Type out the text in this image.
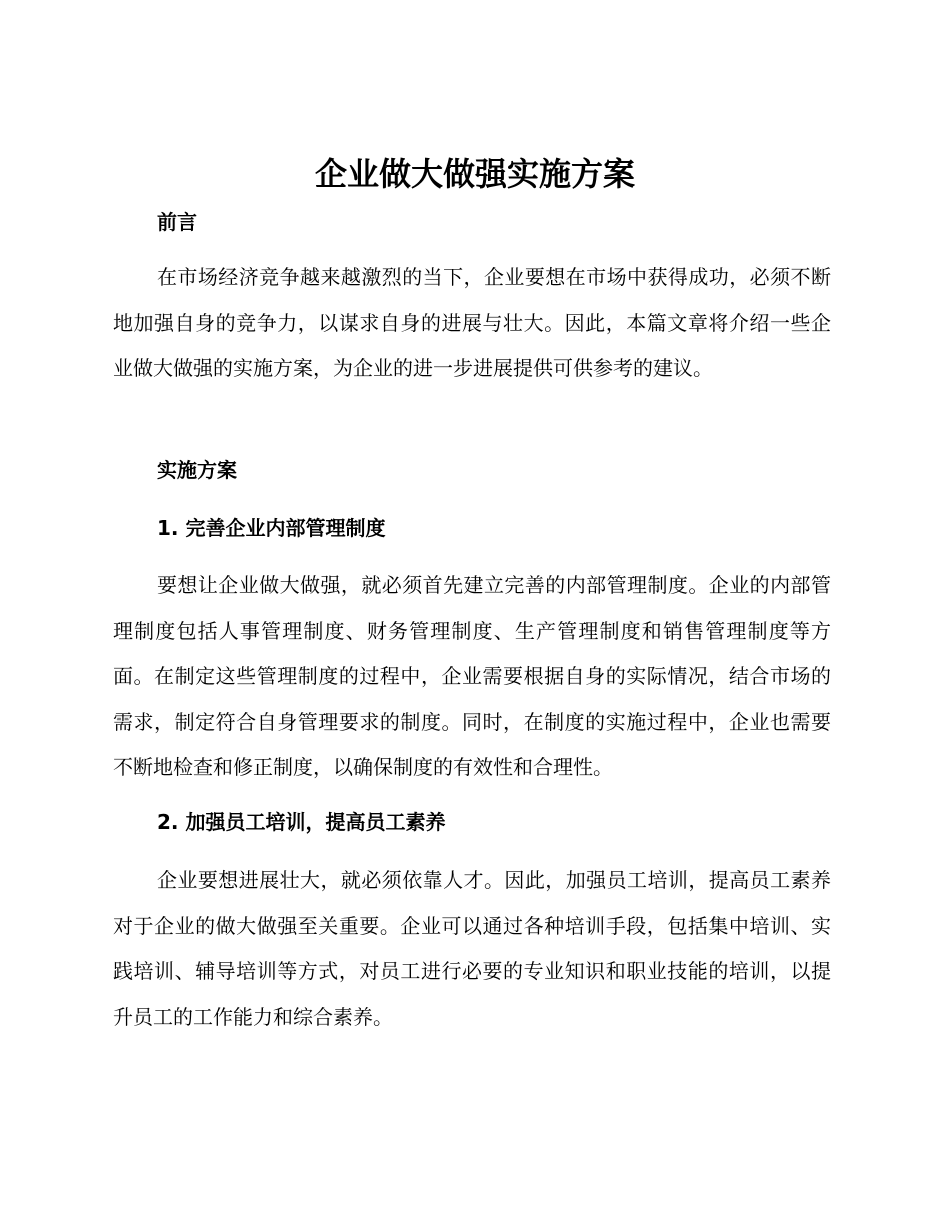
企业做大做强实施方案
前言

在市场经济竞争越来越激烈的当下，企业要想在市场中获得成功，必须不断地加强自身的竞争力，以谋求自身的进展与壮大。因此，本篇文章将介绍一些企业做大做强的实施方案，为企业的进一步进展提供可供参考的建议。

实施方案
1. 完善企业内部管理制度

要想让企业做大做强，就必须首先建立完善的内部管理制度。企业的内部管理制度包括人事管理制度、财务管理制度、生产管理制度和销售管理制度等方面。在制定这些管理制度的过程中，企业需要根据自身的实际情况，结合市场的需求，制定符合自身管理要求的制度。同时，在制度的实施过程中，企业也需要不断地检查和修正制度，以确保制度的有效性和合理性。

2. 加强员工培训，提高员工素养

企业要想进展壮大，就必须依靠人才。因此，加强员工培训，提高员工素养对于企业的做大做强至关重要。企业可以通过各种培训手段，包括集中培训、实践培训、辅导培训等方式，对员工进行必要的专业知识和职业技能的培训，以提升员工的工作能力和综合素养。
